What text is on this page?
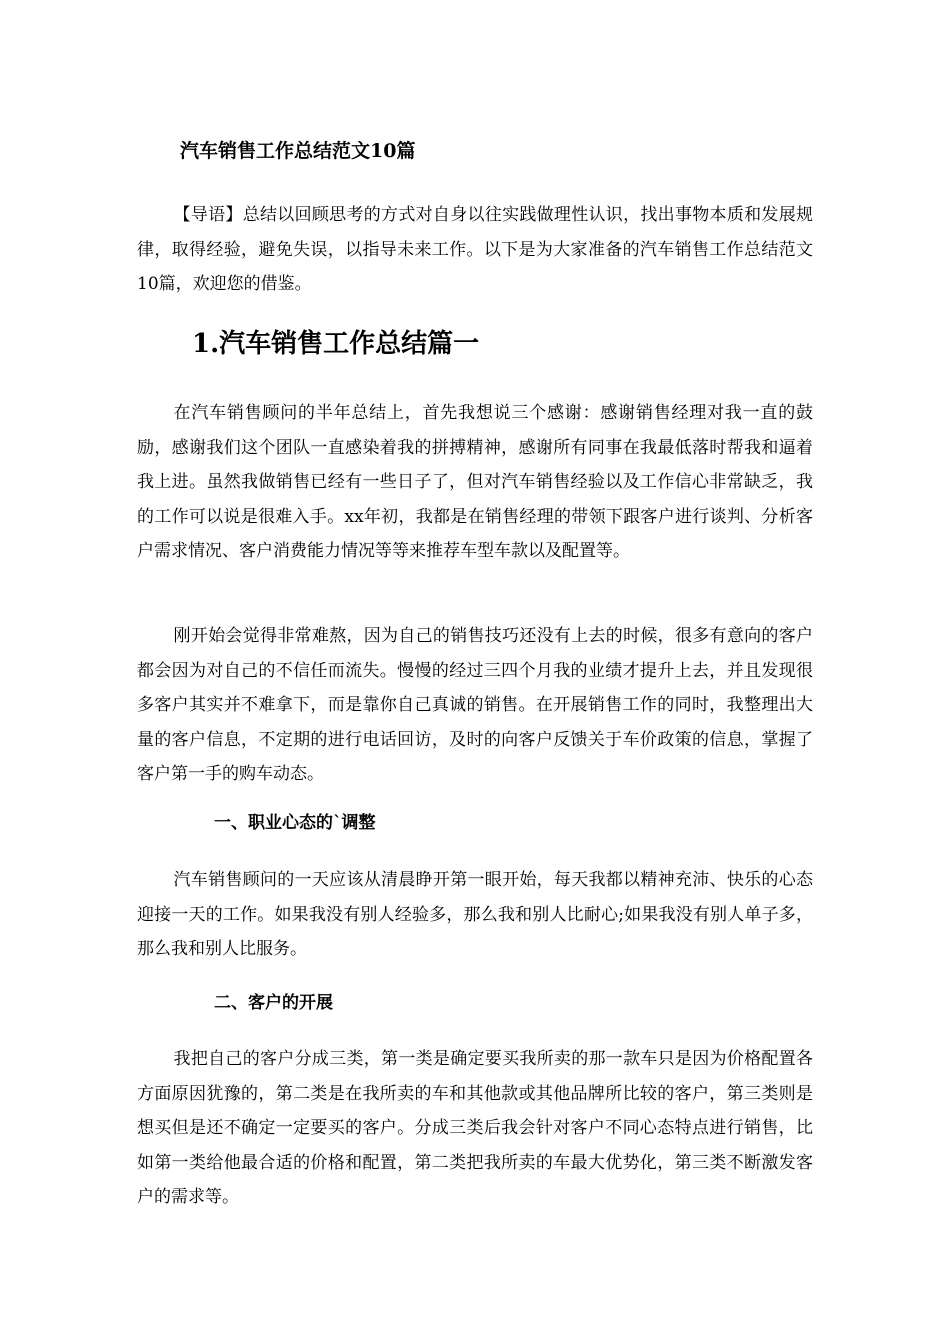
汽车销售工作总结范文10篇

【导语】总结以回顾思考的方式对自身以往实践做理性认识，找出事物本质和发展规律，取得经验，避免失误，以指导未来工作。以下是为大家准备的汽车销售工作总结范文10篇，欢迎您的借鉴。

1.汽车销售工作总结篇一

在汽车销售顾问的半年总结上，首先我想说三个感谢：感谢销售经理对我一直的鼓励，感谢我们这个团队一直感染着我的拼搏精神，感谢所有同事在我最低落时帮我和逼着我上进。虽然我做销售已经有一些日子了，但对汽车销售经验以及工作信心非常缺乏，我的工作可以说是很难入手。xx年初，我都是在销售经理的带领下跟客户进行谈判、分析客户需求情况、客户消费能力情况等等来推荐车型车款以及配置等。

刚开始会觉得非常难熬，因为自己的销售技巧还没有上去的时候，很多有意向的客户都会因为对自己的不信任而流失。慢慢的经过三四个月我的业绩才提升上去，并且发现很多客户其实并不难拿下，而是靠你自己真诚的销售。在开展销售工作的同时，我整理出大量的客户信息，不定期的进行电话回访，及时的向客户反馈关于车价政策的信息，掌握了客户第一手的购车动态。

一、职业心态的`调整

汽车销售顾问的一天应该从清晨睁开第一眼开始，每天我都以精神充沛、快乐的心态迎接一天的工作。如果我没有别人经验多，那么我和别人比耐心;如果我没有别人单子多，那么我和别人比服务。

二、客户的开展

我把自己的客户分成三类，第一类是确定要买我所卖的那一款车只是因为价格配置各方面原因犹豫的，第二类是在我所卖的车和其他款或其他品牌所比较的客户，第三类则是想买但是还不确定一定要买的客户。分成三类后我会针对客户不同心态特点进行销售，比如第一类给他最合适的价格和配置，第二类把我所卖的车最大优势化，第三类不断激发客户的需求等。
